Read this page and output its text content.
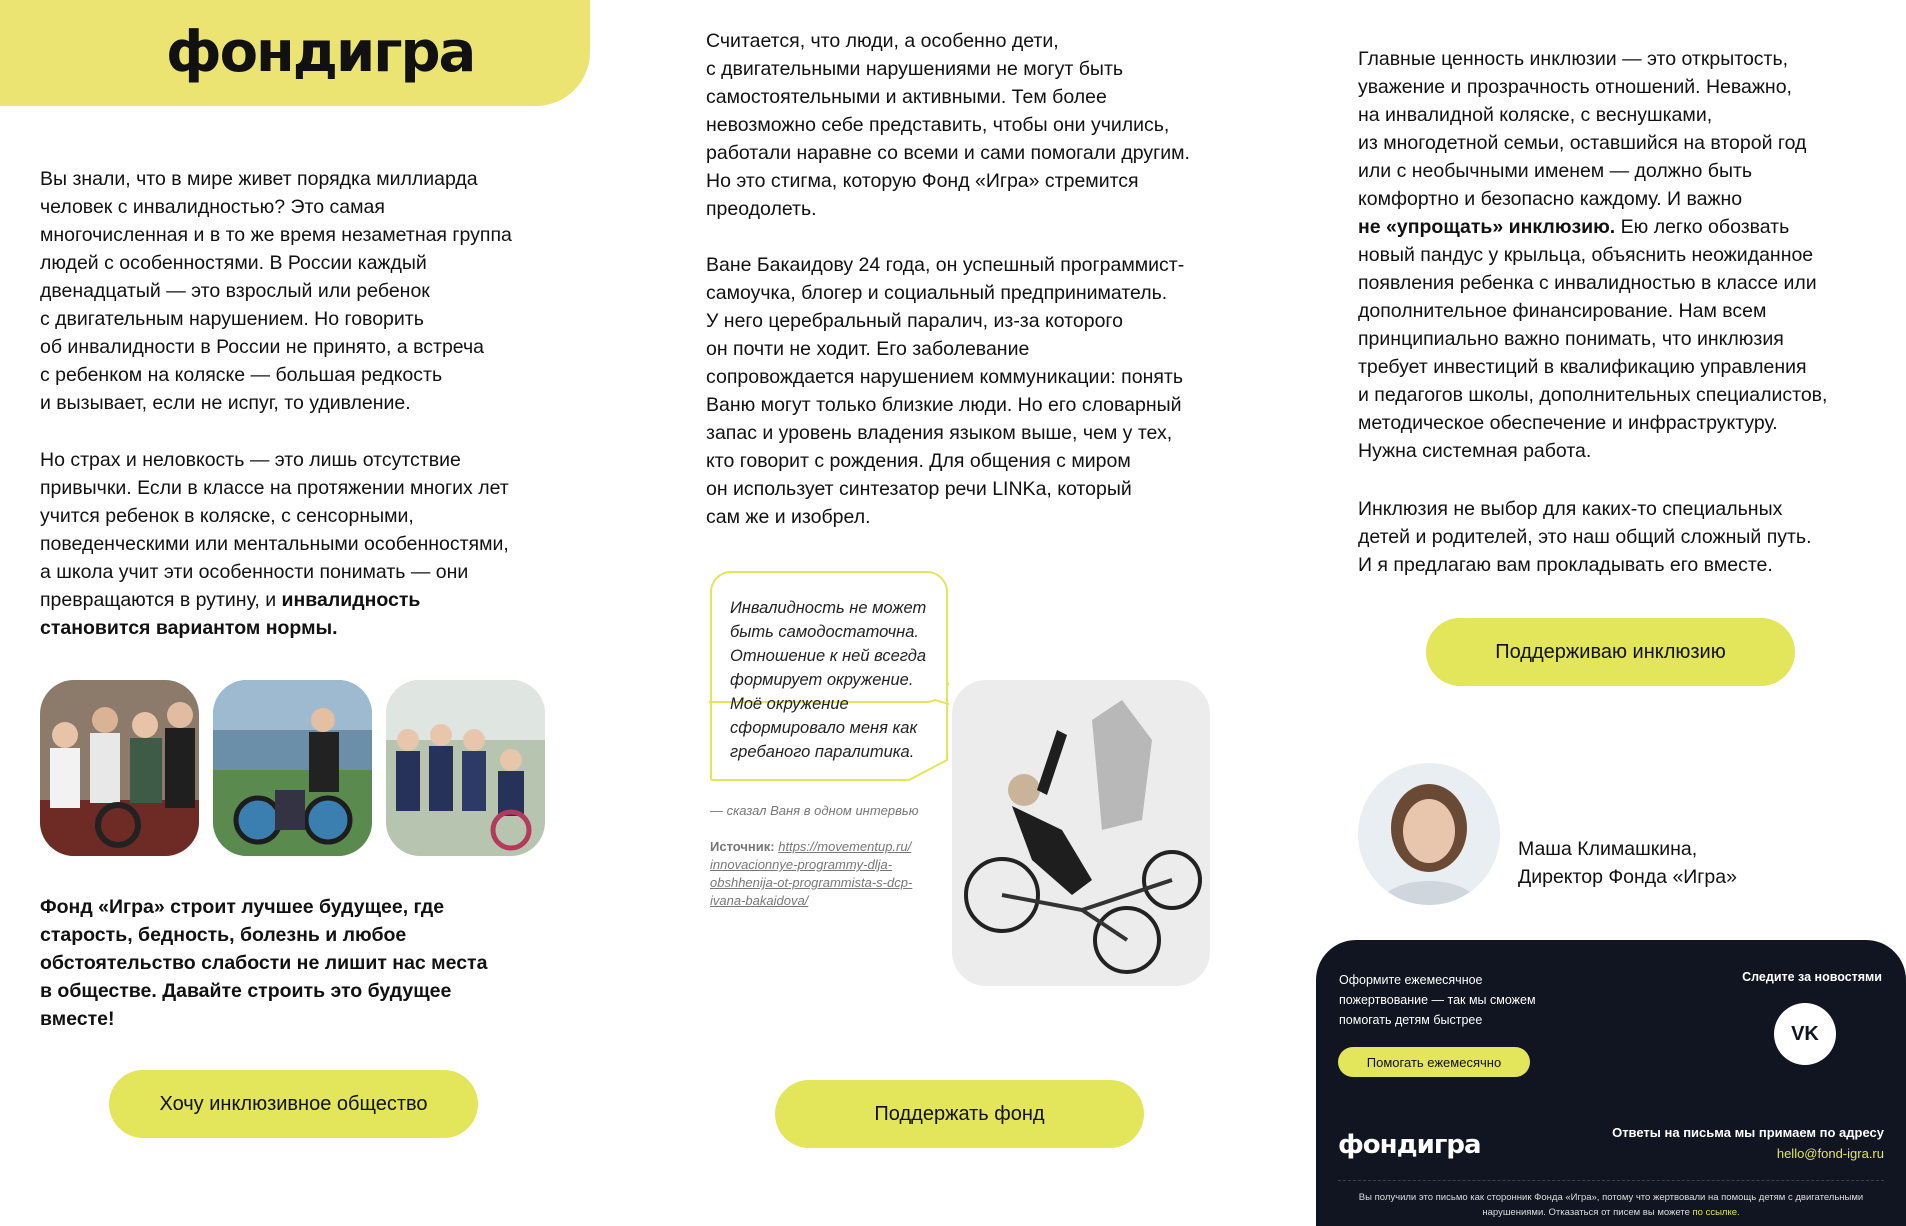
фондигра

Вы знали, что в мире живет порядка миллиарда
человек с инвалидностью? Это самая
многочисленная и в то же время незаметная группа
людей с особенностями. В России каждый
двенадцатый — это взрослый или ребенок
с двигательным нарушением. Но говорить
об инвалидности в России не принято, а встреча
с ребенком на коляске — большая редкость
и вызывает, если не испуг, то удивление.

Но страх и неловкость — это лишь отсутствие
привычки. Если в классе на протяжении многих лет
учится ребенок в коляске, с сенсорными,
поведенческими или ментальными особенностями,
а школа учит эти особенности понимать — они
превращаются в рутину, и инвалидность
становится вариантом нормы.

Фонд «Игра» строит лучшее будущее, где
старость, бедность, болезнь и любое
обстоятельство слабости не лишит нас места
в обществе. Давайте строить это будущее
вместе!

Хочу инклюзивное общество

Считается, что люди, а особенно дети,
с двигательными нарушениями не могут быть
самостоятельными и активными. Тем более
невозможно себе представить, чтобы они учились,
работали наравне со всеми и сами помогали другим.
Но это стигма, которую Фонд «Игра» стремится
преодолеть.

Ване Бакаидову 24 года, он успешный программист-
самоучка, блогер и социальный предприниматель.
У него церебральный паралич, из-за которого
он почти не ходит. Его заболевание
сопровождается нарушением коммуникации: понять
Ваню могут только близкие люди. Но его словарный
запас и уровень владения языком выше, чем у тех,
кто говорит с рождения. Для общения с миром
он использует синтезатор речи LINKa, который
сам же и изобрел.

Инвалидность не может
быть самодостаточна.
Отношение к ней всегда
формирует окружение.
Моё окружение
сформировало меня как
гребаного паралитика.

— сказал Ваня в одном интервью

Источник: https://movementup.ru/
innovacionnye-programmy-dlja-
obshhenija-ot-programmista-s-dcp-
ivana-bakaidova/

Поддержать фонд

Главные ценность инклюзии — это открытость,
уважение и прозрачность отношений. Неважно,
на инвалидной коляске, с веснушками,
из многодетной семьи, оставшийся на второй год
или с необычными именем — должно быть
комфортно и безопасно каждому. И важно
не «упрощать» инклюзию. Ею легко обозвать
новый пандус у крыльца, объяснить неожиданное
появления ребенка с инвалидностью в классе или
дополнительное финансирование. Нам всем
принципиально важно понимать, что инклюзия
требует инвестиций в квалификацию управления
и педагогов школы, дополнительных специалистов,
методическое обеспечение и инфраструктуру.
Нужна системная работа.

Инклюзия не выбор для каких-то специальных
детей и родителей, это наш общий сложный путь.
И я предлагаю вам прокладывать его вместе.

Поддерживаю инклюзию
Маша Климашкина,
Директор Фонда «Игра»
Оформите ежемесячное
пожертвование — так мы сможем
помогать детям быстрее
Помогать ежемесячно
Следите за новостями
VK
фондигра	Ответы на письма мы примаем по адресу
hello@fond-igra.ru
Вы получили это письмо как сторонник Фонда «Игра», потому что жертвовали на помощь детям с двигательными нарушениями. Отказаться от писем вы можете по ссылке.
